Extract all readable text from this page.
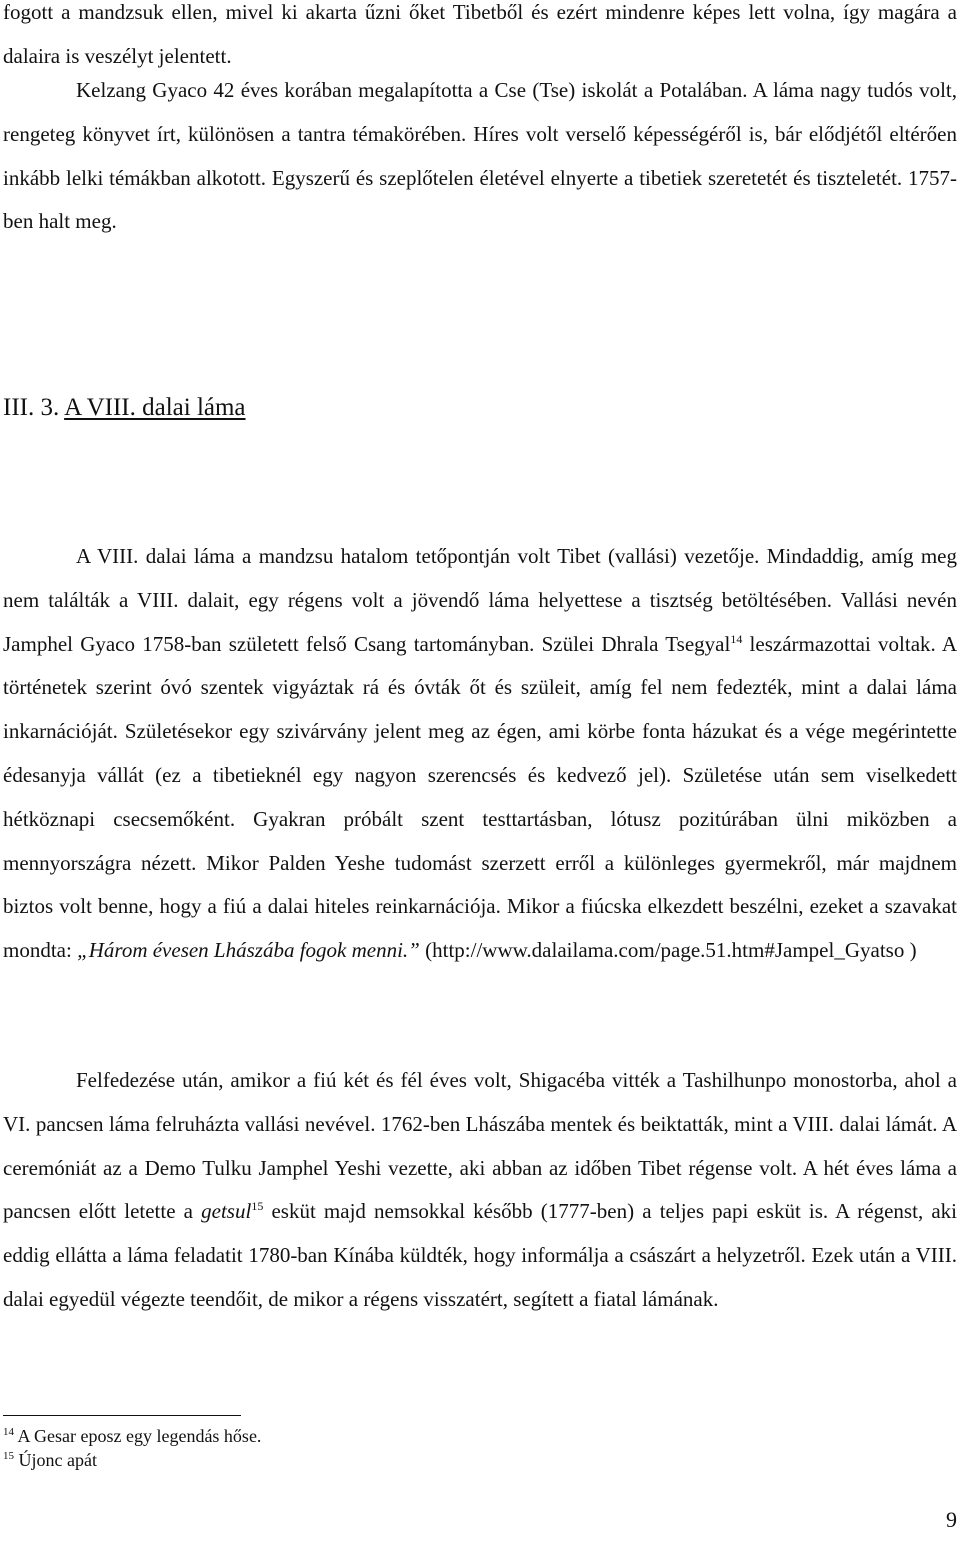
fogott a mandzsuk ellen, mivel ki akarta űzni őket Tibetből és ezért mindenre képes lett volna, így magára a dalaira is veszélyt jelentett.

Kelzang Gyaco 42 éves korában megalapította a Cse (Tse) iskolát a Potalában. A láma nagy tudós volt, rengeteg könyvet írt, különösen a tantra témakörében. Híres volt verselő képességéről is, bár elődjétől eltérően inkább lelki témákban alkotott. Egyszerű és szeplőtelen életével elnyerte a tibetiek szeretetét és tiszteletét. 1757-ben halt meg.

III. 3. A VIII. dalai láma

A VIII. dalai láma a mandzsu hatalom tetőpontján volt Tibet (vallási) vezetője. Mindaddig, amíg meg nem találták a VIII. dalait, egy régens volt a jövendő láma helyettese a tisztség betöltésében. Vallási nevén Jamphel Gyaco 1758-ban született felső Csang tartományban. Szülei Dhrala Tsegyal$^{14}$ leszármazottai voltak. A történetek szerint óvó szentek vigyáztak rá és óvták őt és szüleit, amíg fel nem fedezték, mint a dalai láma inkarnációját. Születésekor egy szivárvány jelent meg az égen, ami körbe fonta házukat és a vége megérintette édesanyja vállát (ez a tibetieknél egy nagyon szerencsés és kedvező jel). Születése után sem viselkedett hétköznapi csecsemőként. Gyakran próbált szent testtartásban, lótusz pozitúrában ülni miközben a mennyországra nézett. Mikor Palden Yeshe tudomást szerzett erről a különleges gyermekről, már majdnem biztos volt benne, hogy a fiú a dalai hiteles reinkarnációja. Mikor a fiúcska elkezdett beszélni, ezeket a szavakat mondta: „Három évesen Lhászába fogok menni.” (http://www.dalailama.com/page.51.htm#Jampel_Gyatso )

Felfedezése után, amikor a fiú két és fél éves volt, Shigacéba vitték a Tashilhunpo monostorba, ahol a VI. pancsen láma felruházta vallási nevével. 1762-ben Lhászába mentek és beiktatták, mint a VIII. dalai lámát. A ceremóniát az a Demo Tulku Jamphel Yeshi vezette, aki abban az időben Tibet régense volt. A hét éves láma a pancsen előtt letette a getsul$^{15}$ esküt majd nemsokkal később (1777-ben) a teljes papi esküt is. A régenst, aki eddig ellátta a láma feladatit 1780-ban Kínába küldték, hogy informálja a császárt a helyzetről. Ezek után a VIII. dalai egyedül végezte teendőit, de mikor a régens visszatért, segített a fiatal lámának.

$^{14}$ A Gesar eposz egy legendás hőse.
$^{15}$ Újonc apát
9
